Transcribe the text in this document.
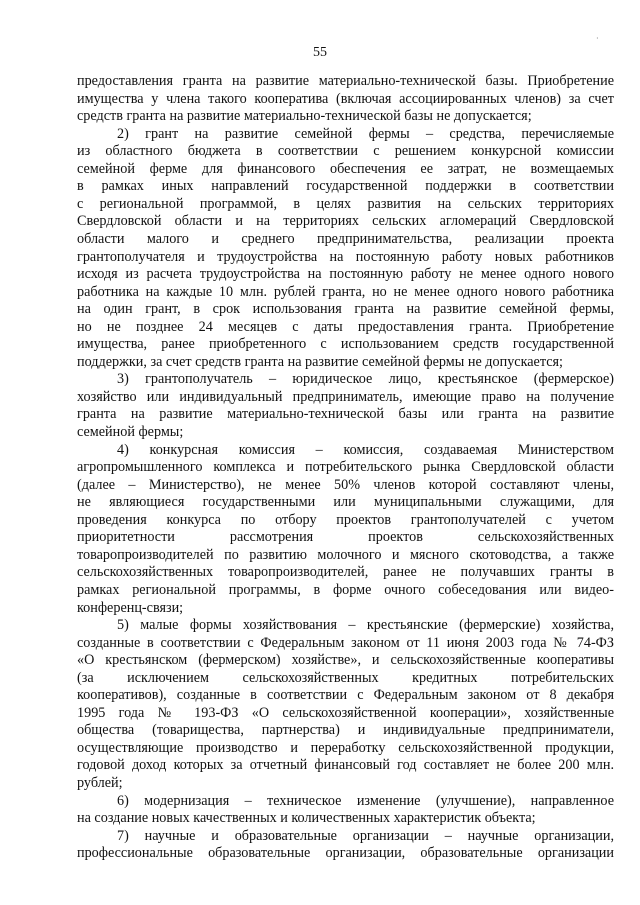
55
·
предоставления гранта на развитие материально-технической базы. Приобретение
имущества у члена такого кооператива (включая ассоциированных членов) за счет
средств гранта на развитие материально-технической базы не допускается;
2) грант на развитие семейной фермы – средства, перечисляемые
из областного бюджета в соответствии с решением конкурсной комиссии
семейной ферме для финансового обеспечения ее затрат, не возмещаемых
в рамках иных направлений государственной поддержки в соответствии
с региональной программой, в целях развития на сельских территориях
Свердловской области и на территориях сельских агломераций Свердловской
области малого и среднего предпринимательства, реализации проекта
грантополучателя и трудоустройства на постоянную работу новых работников
исходя из расчета трудоустройства на постоянную работу не менее одного нового
работника на каждые 10 млн. рублей гранта, но не менее одного нового работника
на один грант, в срок использования гранта на развитие семейной фермы,
но не позднее 24 месяцев с даты предоставления гранта. Приобретение
имущества, ранее приобретенного с использованием средств государственной
поддержки, за счет средств гранта на развитие семейной фермы не допускается;
3) грантополучатель – юридическое лицо, крестьянское (фермерское)
хозяйство или индивидуальный предприниматель, имеющие право на получение
гранта на развитие материально-технической базы или гранта на развитие
семейной фермы;
4) конкурсная комиссия – комиссия, создаваемая Министерством
агропромышленного комплекса и потребительского рынка Свердловской области
(далее – Министерство), не менее 50% членов которой составляют члены,
не являющиеся государственными или муниципальными служащими, для
проведения конкурса по отбору проектов грантополучателей с учетом
приоритетности рассмотрения проектов сельскохозяйственных
товаропроизводителей по развитию молочного и мясного скотоводства, а также
сельскохозяйственных товаропроизводителей, ранее не получавших гранты в
рамках региональной программы, в форме очного собеседования или видео-
конференц-связи;
5) малые формы хозяйствования – крестьянские (фермерские) хозяйства,
созданные в соответствии с Федеральным законом от 11 июня 2003 года № 74-ФЗ
«О крестьянском (фермерском) хозяйстве», и сельскохозяйственные кооперативы
(за исключением сельскохозяйственных кредитных потребительских
кооперативов), созданные в соответствии с Федеральным законом от 8 декабря
1995 года № 193-ФЗ «О сельскохозяйственной кооперации», хозяйственные
общества (товарищества, партнерства) и индивидуальные предприниматели,
осуществляющие производство и переработку сельскохозяйственной продукции,
годовой доход которых за отчетный финансовый год составляет не более 200 млн.
рублей;
6) модернизация – техническое изменение (улучшение), направленное
на создание новых качественных и количественных характеристик объекта;
7) научные и образовательные организации – научные организации,
профессиональные образовательные организации, образовательные организации
